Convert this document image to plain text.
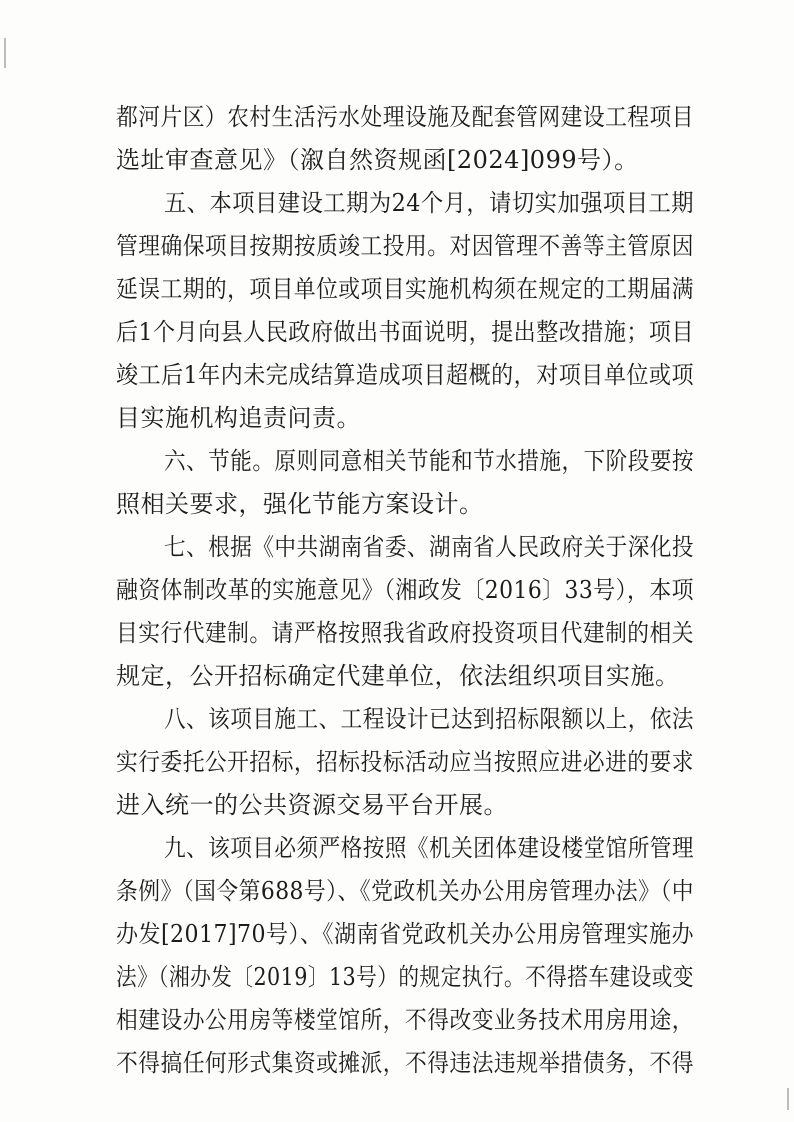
都河片区）农村生活污水处理设施及配套管网建设工程项目
选址审查意见》（溆自然资规函[2024]099号）。
五、本项目建设工期为24个月，请切实加强项目工期
管理确保项目按期按质竣工投用。对因管理不善等主管原因
延误工期的，项目单位或项目实施机构须在规定的工期届满
后1个月向县人民政府做出书面说明，提出整改措施；项目
竣工后1年内未完成结算造成项目超概的，对项目单位或项
目实施机构追责问责。
六、节能。原则同意相关节能和节水措施，下阶段要按
照相关要求，强化节能方案设计。
七、根据《中共湖南省委、湖南省人民政府关于深化投
融资体制改革的实施意见》（湘政发〔2016〕33号），本项
目实行代建制。请严格按照我省政府投资项目代建制的相关
规定，公开招标确定代建单位，依法组织项目实施。
八、该项目施工、工程设计已达到招标限额以上，依法
实行委托公开招标，招标投标活动应当按照应进必进的要求
进入统一的公共资源交易平台开展。
九、该项目必须严格按照《机关团体建设楼堂馆所管理
条例》（国令第688号）、《党政机关办公用房管理办法》（中
办发[2017]70号）、《湖南省党政机关办公用房管理实施办
法》（湘办发〔2019〕13号）的规定执行。不得搭车建设或变
相建设办公用房等楼堂馆所，不得改变业务技术用房用途，
不得搞任何形式集资或摊派，不得违法违规举措债务，不得
